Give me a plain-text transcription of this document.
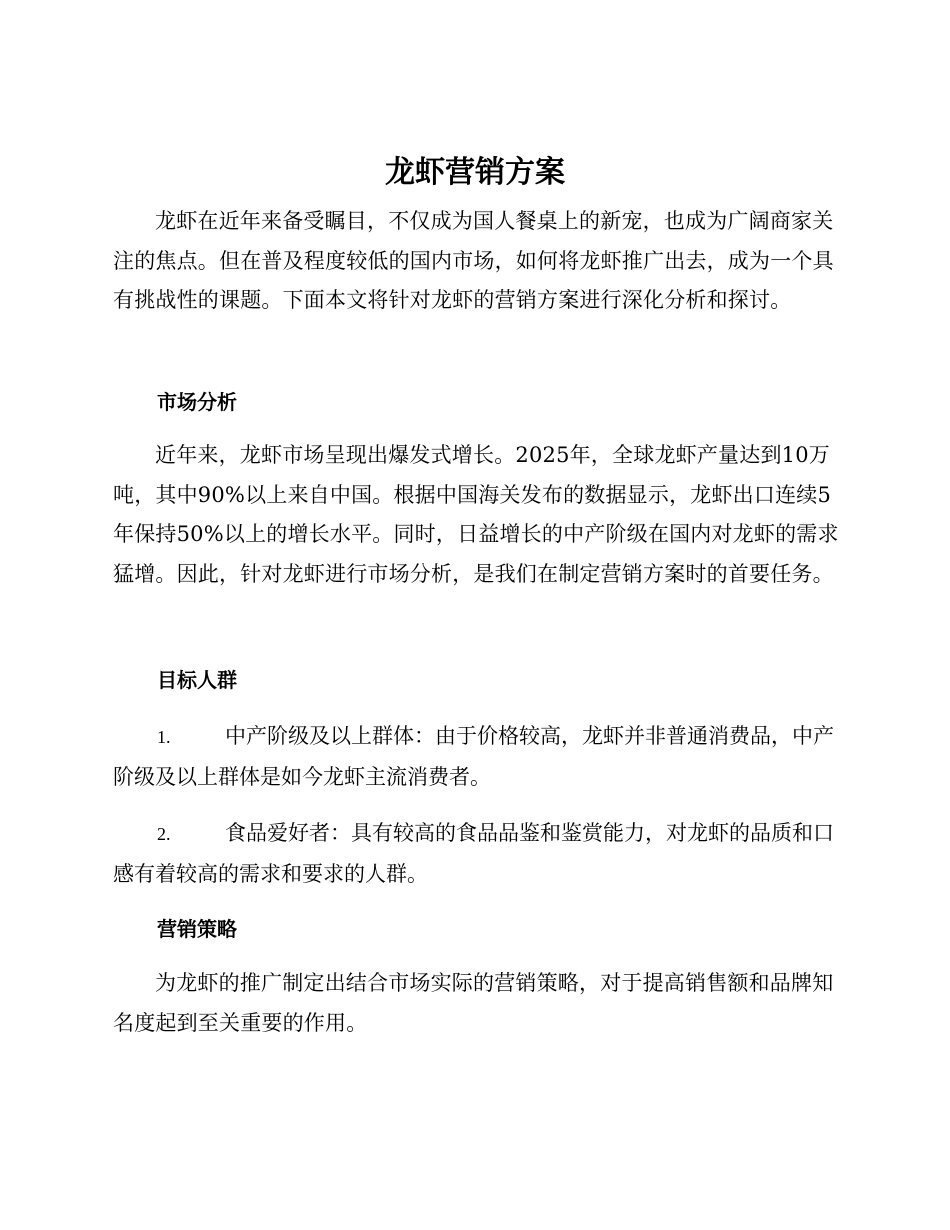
龙虾营销方案

龙虾在近年来备受瞩目，不仅成为国人餐桌上的新宠，也成为广阔商家关注的焦点。但在普及程度较低的国内市场，如何将龙虾推广出去，成为一个具有挑战性的课题。下面本文将针对龙虾的营销方案进行深化分析和探讨。

市场分析

近年来，龙虾市场呈现出爆发式增长。2025年，全球龙虾产量达到10万吨，其中90%以上来自中国。根据中国海关发布的数据显示，龙虾出口连续5年保持50%以上的增长水平。同时，日益增长的中产阶级在国内对龙虾的需求猛增。因此，针对龙虾进行市场分析，是我们在制定营销方案时的首要任务。

目标人群
1.	中产阶级及以上群体：由于价格较高，龙虾并非普通消费品，中产阶级及以上群体是如今龙虾主流消费者。
2.	食品爱好者：具有较高的食品品鉴和鉴赏能力，对龙虾的品质和口感有着较高的需求和要求的人群。
营销策略

为龙虾的推广制定出结合市场实际的营销策略，对于提高销售额和品牌知名度起到至关重要的作用。
